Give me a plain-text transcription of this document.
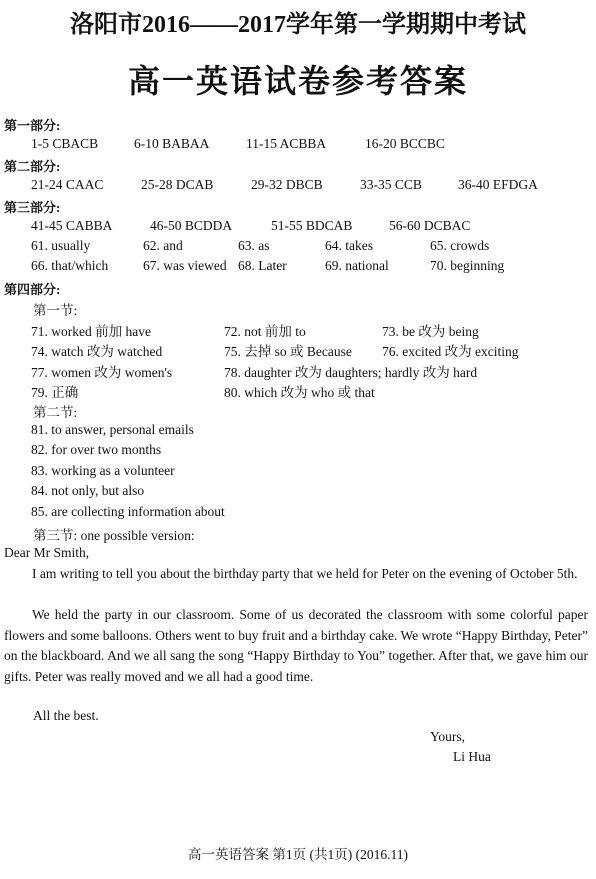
洛阳市2016——2017学年第一学期期中考试
高一英语试卷参考答案
第一部分:
1-5 CBACB	6-10 BABAA	11-15 ACBBA	16-20 BCCBC
第二部分:
21-24 CAAC	25-28 DCAB	29-32 DBCB	33-35 CCB	36-40 EFDGA
第三部分:
41-45 CABBA	46-50 BCDDA	51-55 BDCAB	56-60 DCBAC
61. usually	62. and	63. as	64. takes	65. crowds
66. that/which	67. was viewed 68. Later	69. national	70. beginning
第四部分:
第一节:
71. worked 前加 have	72. not 前加 to	73. be 改为 being
74. watch 改为 watched	75. 去掉 so 或 Because 76. excited 改为 exciting
77. women 改为 women's	78. daughter 改为 daughters; hardly 改为 hard
79. 正确	80. which 改为 who 或 that
第二节:
81. to answer, personal emails
82. for over two months
83. working as a volunteer
84. not only, but also
85. are collecting information about
第三节: one possible version:
Dear Mr Smith,
I am writing to tell you about the birthday party that we held for Peter on the evening of October 5th.
We held the party in our classroom. Some of us decorated the classroom with some colorful paper flowers and some balloons. Others went to buy fruit and a birthday cake. We wrote “Happy Birthday, Peter” on the blackboard. And we all sang the song “Happy Birthday to You” together. After that, we gave him our gifts. Peter was really moved and we all had a good time.
All the best.
Yours,
Li Hua
高一英语答案 第1页 (共1页) (2016.11)
